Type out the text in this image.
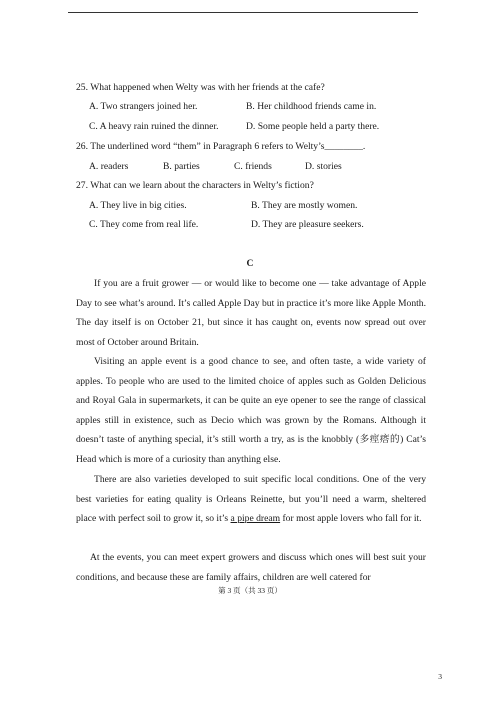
25. What happened when Welty was with her friends at the cafe?
A. Two strangers joined her.	B. Her childhood friends came in.
C. A heavy rain ruined the dinner.	D. Some people held a party there.
26. The underlined word “them” in Paragraph 6 refers to Welty’s________.
A. readers	B. parties	C. friends	D. stories
27. What can we learn about the characters in Welty’s fiction?
A. They live in big cities.	B. They are mostly women.
C. They come from real life.	D. They are pleasure seekers.
C
If you are a fruit grower — or would like to become one — take advantage of Apple Day to see what’s around. It’s called Apple Day but in practice it’s more like Apple Month. The day itself is on October 21, but since it has caught on, events now spread out over most of October around Britain.
Visiting an apple event is a good chance to see, and often taste, a wide variety of apples. To people who are used to the limited choice of apples such as Golden Delicious and Royal Gala in supermarkets, it can be quite an eye opener to see the range of classical apples still in existence, such as Decio which was grown by the Romans. Although it doesn’t taste of anything special, it’s still worth a try, as is the knobbly (多痙瘩的) Cat’s Head which is more of a curiosity than anything else.
There are also varieties developed to suit specific local conditions. One of the very best varieties for eating quality is Orleans Reinette, but you’ll need a warm, sheltered place with perfect soil to grow it, so it’s a pipe dream for most apple lovers who fall for it.
At the events, you can meet expert growers and discuss which ones will best suit your conditions, and because these are family affairs, children are well catered for
第 3 页（共 33 页）
3
